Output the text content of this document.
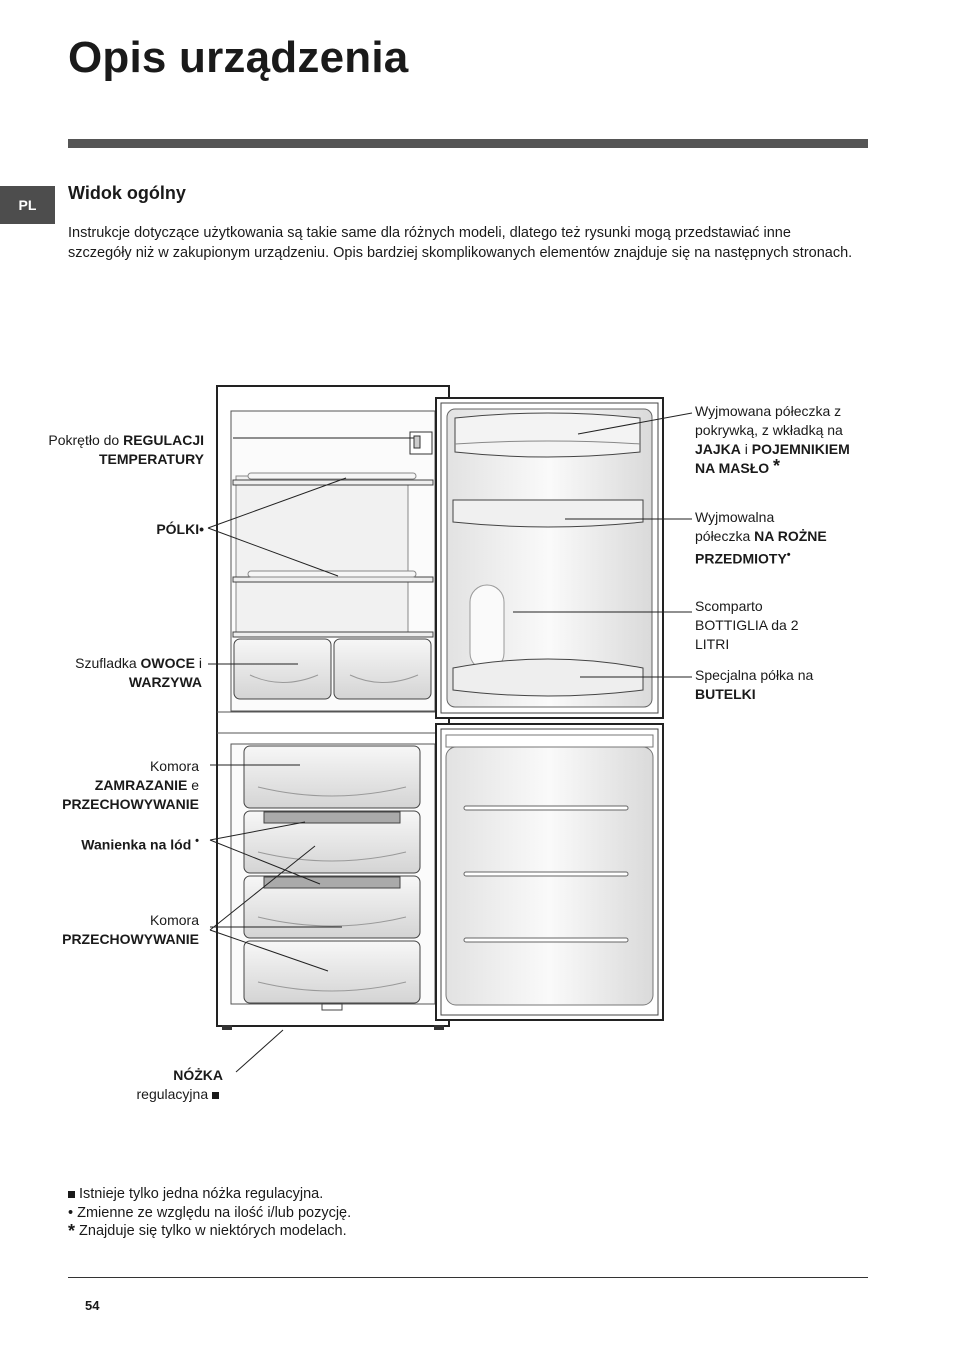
Opis urządzenia
PL
Widok ogólny

Instrukcje dotyczące użytkowania są takie same dla różnych modeli, dlatego też rysunki mogą przedstawiać inne szczegóły niż w zakupionym urządzeniu. Opis bardziej skomplikowanych elementów znajduje się na następnych stronach.

Pokrętło do REGULACJI
TEMPERATURY
PÓLKI•
Szufladka OWOCE i
WARZYWA
Komora
ZAMRAZANIE e
PRZECHOWYWANIE
Wanienka na lód •
Komora
PRZECHOWYWANIE
NÓŻKA
regulacyjna
Wyjmowana półeczka z
pokrywką, z wkładką na
JAJKA i POJEMNIKIEM
NA MASŁO *
Wyjmowalna
półeczka NA ROŻNE
PRZEDMIOTY•
Scomparto
BOTTIGLIA da 2
LITRI
Specjalna półka na
BUTELKI
Istnieje tylko jedna nóżka regulacyjna.
• Zmienne ze względu na ilość i/lub pozycję.
* Znajduje się tylko w niektórych modelach.
54
